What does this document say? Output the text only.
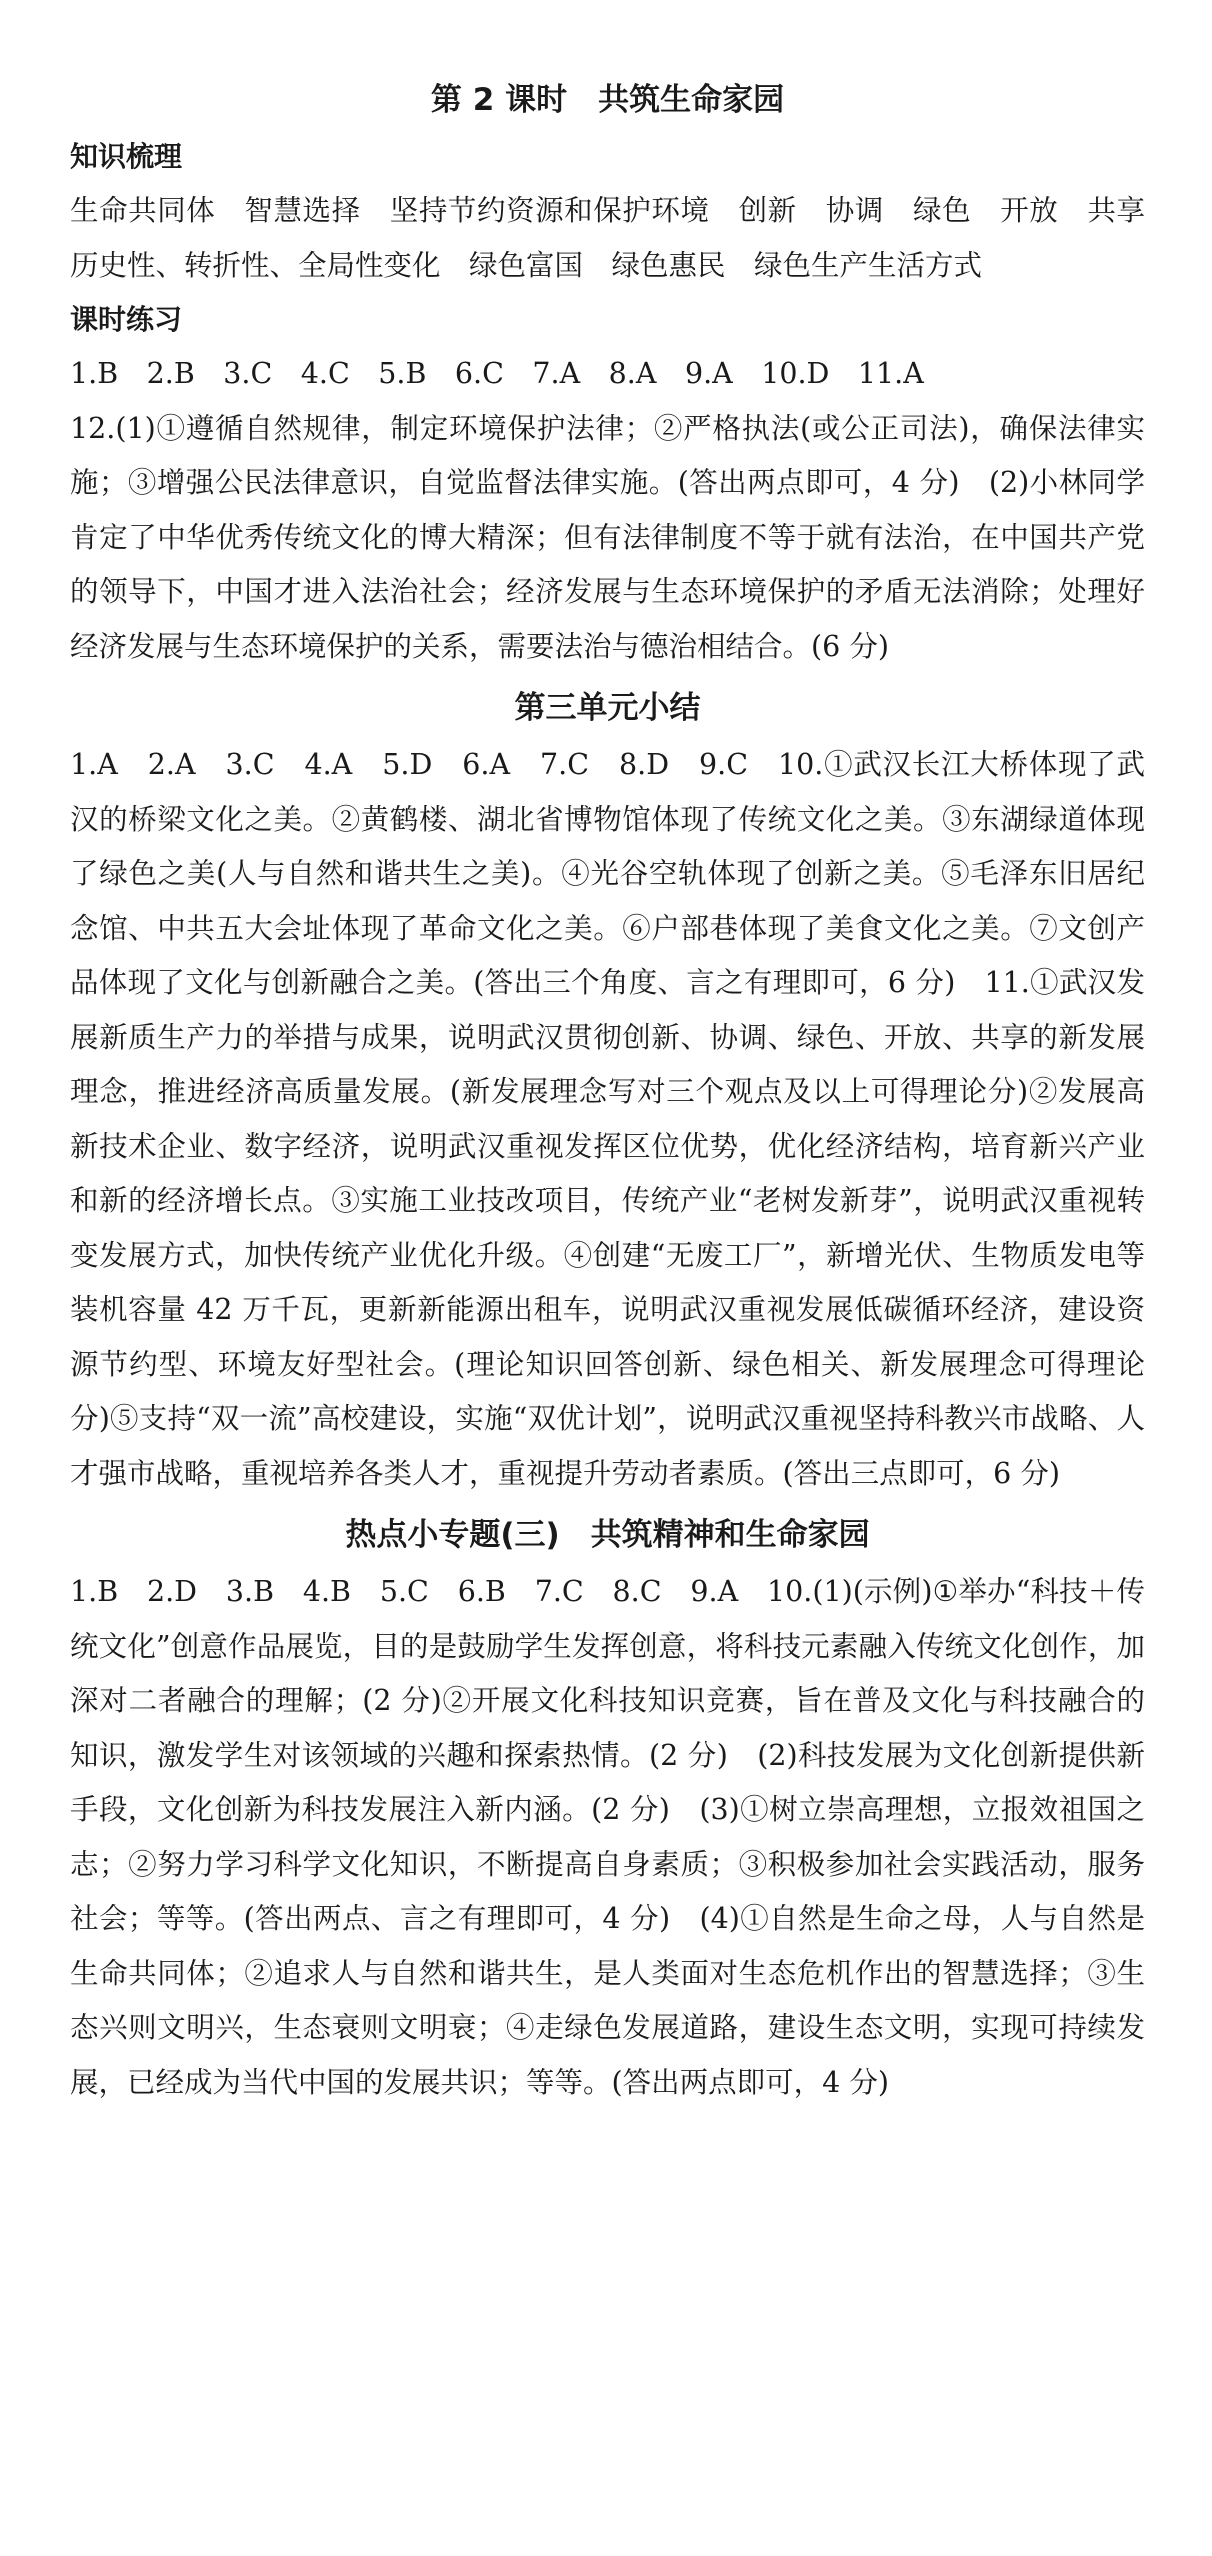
第 2 课时　共筑生命家园
知识梳理

生命共同体　智慧选择　坚持节约资源和保护环境　创新　协调　绿色　开放　共享　历史性、转折性、全局性变化　绿色富国　绿色惠民　绿色生产生活方式

课时练习

1.B　2.B　3.C　4.C　5.B　6.C　7.A　8.A　9.A　10.D　11.A

12.(1)①遵循自然规律，制定环境保护法律；②严格执法(或公正司法)，确保法律实施；③增强公民法律意识，自觉监督法律实施。(答出两点即可，4 分)　(2)小林同学肯定了中华优秀传统文化的博大精深；但有法律制度不等于就有法治，在中国共产党的领导下，中国才进入法治社会；经济发展与生态环境保护的矛盾无法消除；处理好经济发展与生态环境保护的关系，需要法治与德治相结合。(6 分)

第三单元小结

1.A　2.A　3.C　4.A　5.D　6.A　7.C　8.D　9.C　10.①武汉长江大桥体现了武汉的桥梁文化之美。②黄鹤楼、湖北省博物馆体现了传统文化之美。③东湖绿道体现了绿色之美(人与自然和谐共生之美)。④光谷空轨体现了创新之美。⑤毛泽东旧居纪念馆、中共五大会址体现了革命文化之美。⑥户部巷体现了美食文化之美。⑦文创产品体现了文化与创新融合之美。(答出三个角度、言之有理即可，6 分)　11.①武汉发展新质生产力的举措与成果，说明武汉贯彻创新、协调、绿色、开放、共享的新发展理念，推进经济高质量发展。(新发展理念写对三个观点及以上可得理论分)②发展高新技术企业、数字经济，说明武汉重视发挥区位优势，优化经济结构，培育新兴产业和新的经济增长点。③实施工业技改项目，传统产业“老树发新芽”，说明武汉重视转变发展方式，加快传统产业优化升级。④创建“无废工厂”，新增光伏、生物质发电等装机容量 42 万千瓦，更新新能源出租车，说明武汉重视发展低碳循环经济，建设资源节约型、环境友好型社会。(理论知识回答创新、绿色相关、新发展理念可得理论分)⑤支持“双一流”高校建设，实施“双优计划”，说明武汉重视坚持科教兴市战略、人才强市战略，重视培养各类人才，重视提升劳动者素质。(答出三点即可，6 分)

热点小专题(三)　共筑精神和生命家园

1.B　2.D　3.B　4.B　5.C　6.B　7.C　8.C　9.A　10.(1)(示例)①举办“科技＋传统文化”创意作品展览，目的是鼓励学生发挥创意，将科技元素融入传统文化创作，加深对二者融合的理解；(2 分)②开展文化科技知识竞赛，旨在普及文化与科技融合的知识，激发学生对该领域的兴趣和探索热情。(2 分)　(2)科技发展为文化创新提供新手段，文化创新为科技发展注入新内涵。(2 分)　(3)①树立崇高理想，立报效祖国之志；②努力学习科学文化知识，不断提高自身素质；③积极参加社会实践活动，服务社会；等等。(答出两点、言之有理即可，4 分)　(4)①自然是生命之母，人与自然是生命共同体；②追求人与自然和谐共生，是人类面对生态危机作出的智慧选择；③生态兴则文明兴，生态衰则文明衰；④走绿色发展道路，建设生态文明，实现可持续发展，已经成为当代中国的发展共识；等等。(答出两点即可，4 分)
